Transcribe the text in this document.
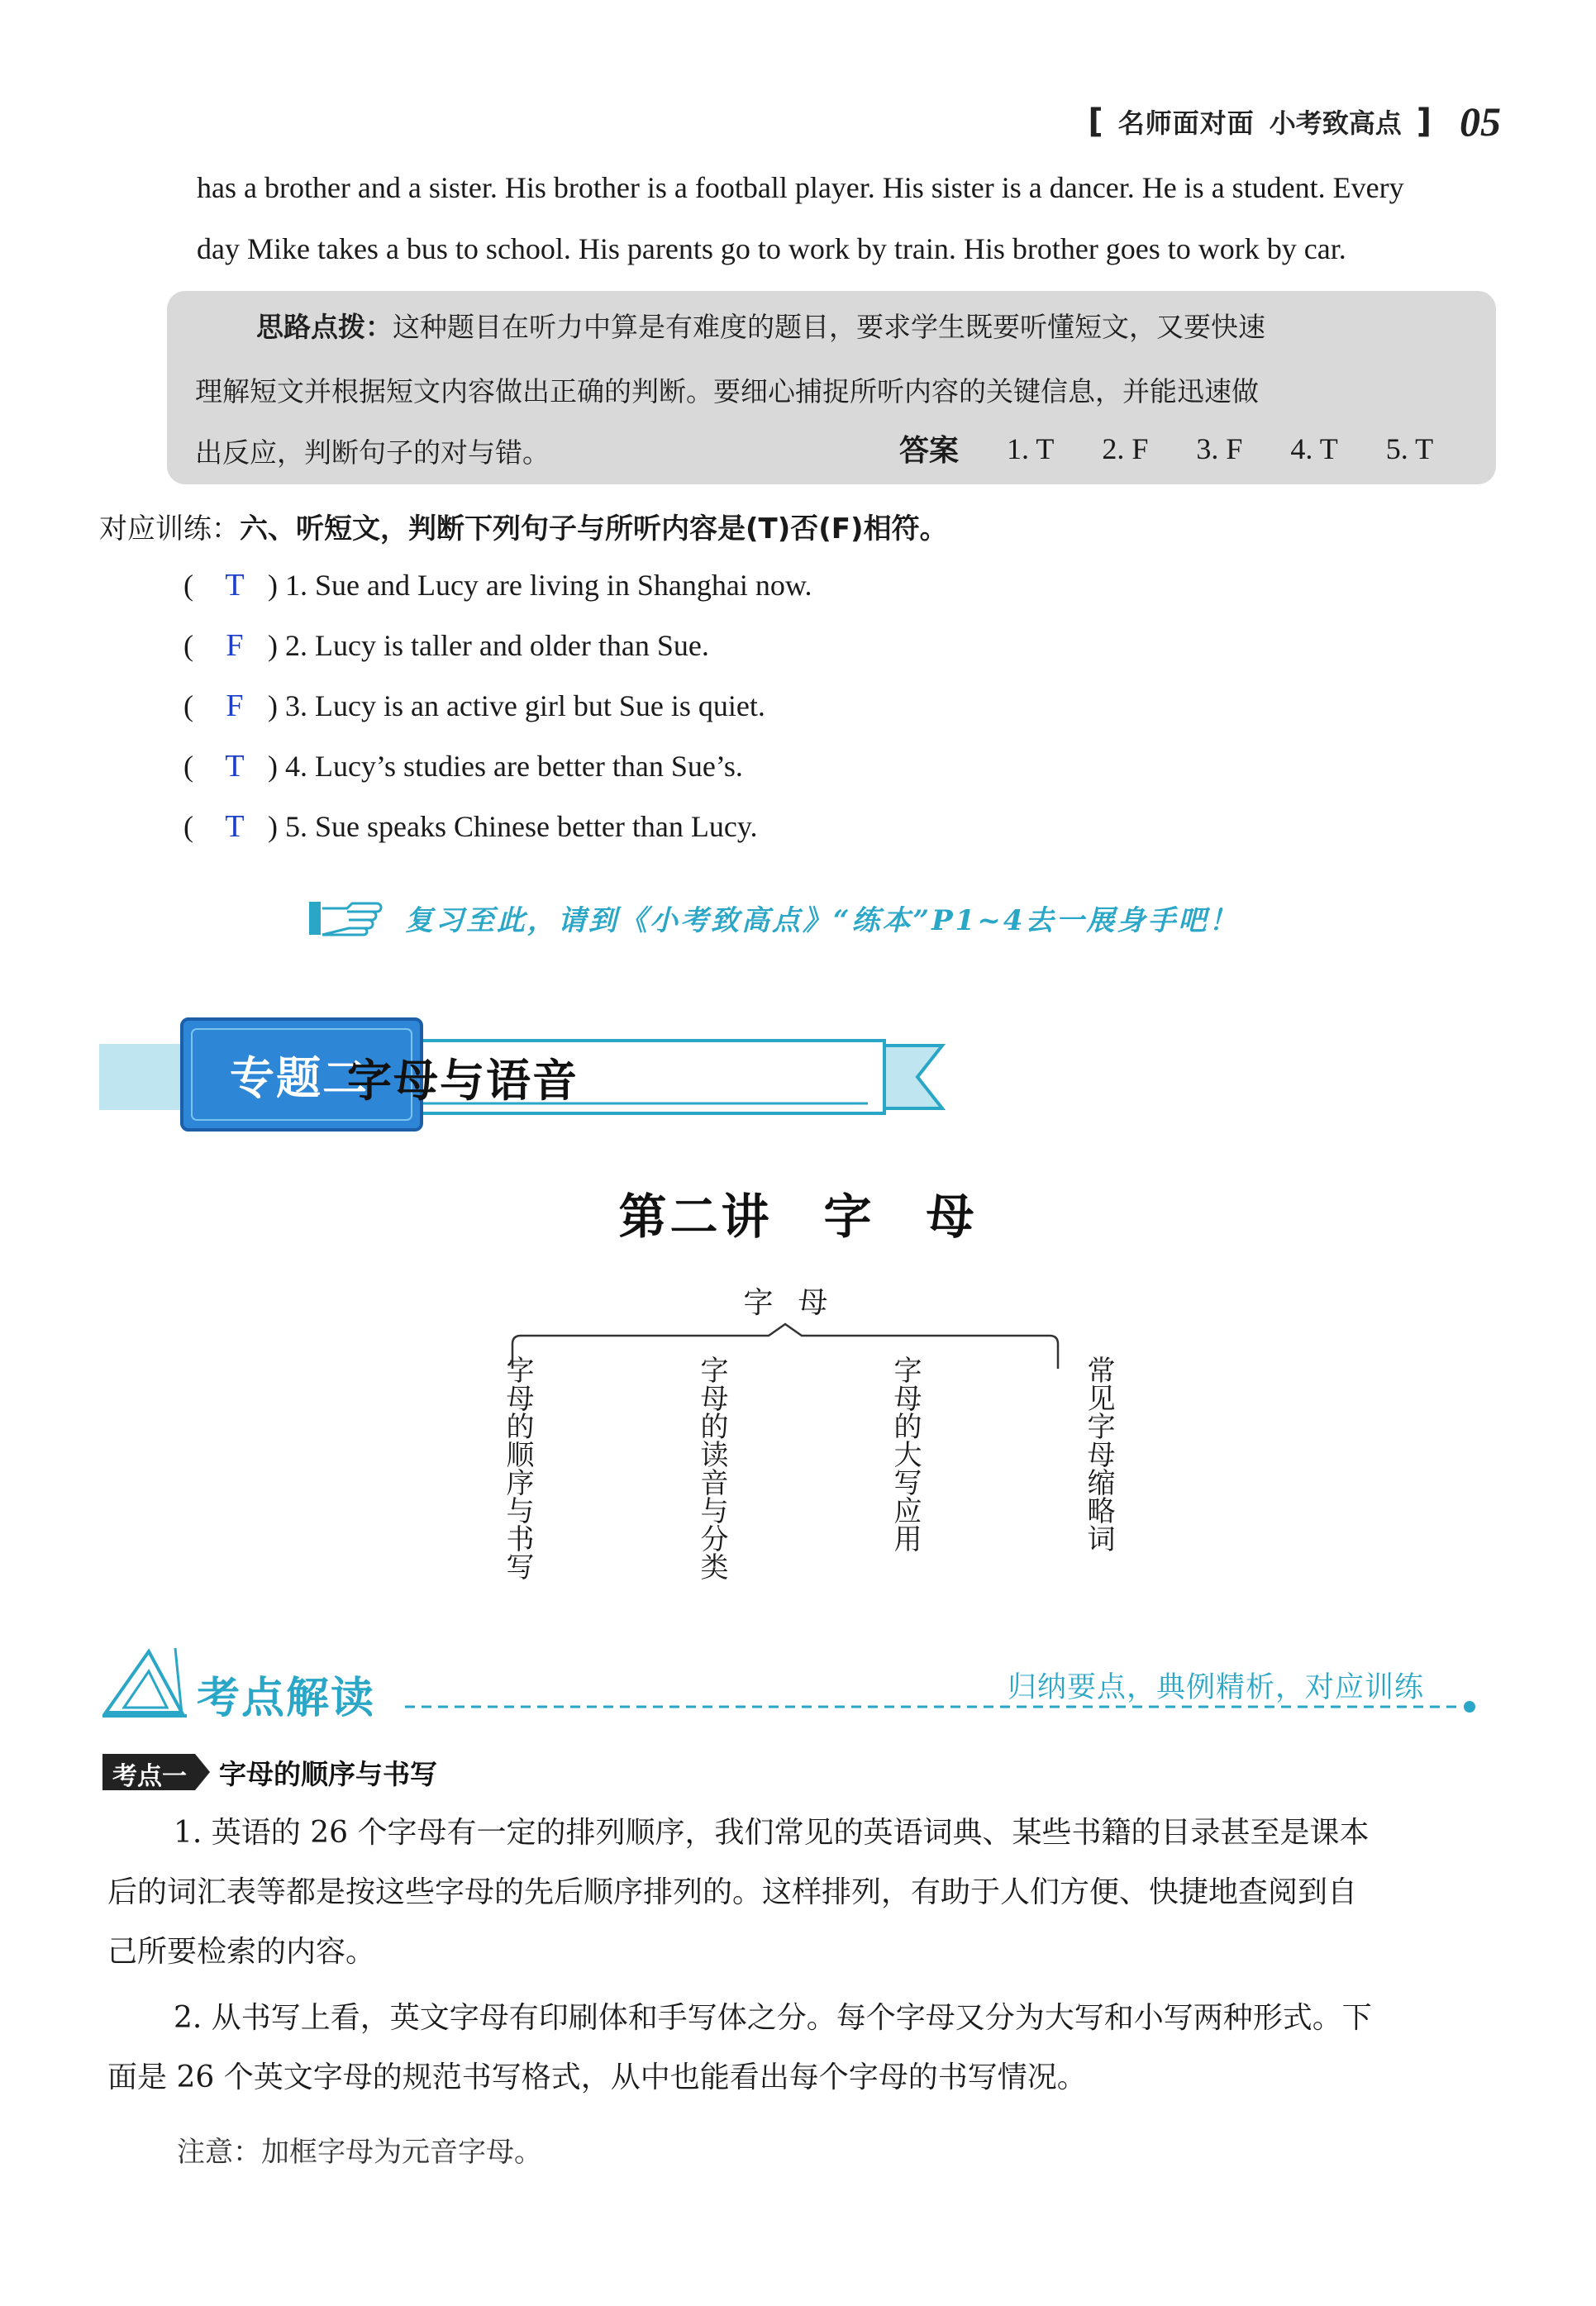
[ 名师面对面 小考致高点 ] 05
has a brother and a sister. His brother is a football player. His sister is a dancer. He is a student. Every
day Mike takes a bus to school. His parents go to work by train. His brother goes to work by car.
思路点拨：这种题目在听力中算是有难度的题目，要求学生既要听懂短文，又要快速
理解短文并根据短文内容做出正确的判断。要细心捕捉所听内容的关键信息，并能迅速做
出反应，判断句子的对与错。	答案 1. T 2. F 3. F 4. T 5. T
对应训练：六、听短文，判断下列句子与所听内容是(T)否(F)相符。
(	T ) 1. Sue and Lucy are living in Shanghai now.
(	F ) 2. Lucy is taller and older than Sue.
(	F ) 3. Lucy is an active girl but Sue is quiet.
(	T ) 4. Lucy’s studies are better than Sue’s.
(	T ) 5. Sue speaks Chinese better than Lucy.
复习至此，请到《小考致高点》“练本”P1~4去一展身手吧！
专题二
字母与语音
第二讲　字　母
字母
字母的顺序与书写	字母的读音与分类	字母的大写应用	常见字母缩略词
考点解读	归纳要点，典例精析，对应训练
考点一 字母的顺序与书写
1. 英语的 26 个字母有一定的排列顺序，我们常见的英语词典、某些书籍的目录甚至是课本
后的词汇表等都是按这些字母的先后顺序排列的。这样排列，有助于人们方便、快捷地查阅到自
己所要检索的内容。
2. 从书写上看，英文字母有印刷体和手写体之分。每个字母又分为大写和小写两种形式。下
面是 26 个英文字母的规范书写格式，从中也能看出每个字母的书写情况。
注意：加框字母为元音字母。
